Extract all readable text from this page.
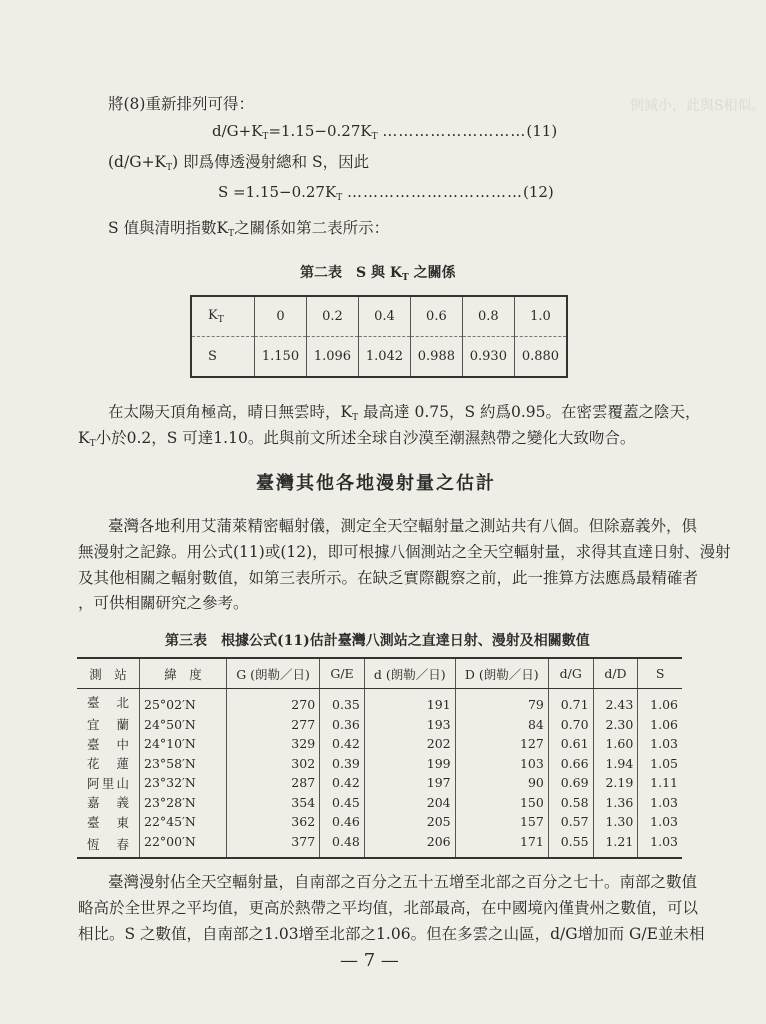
例減小，此與S相似。
將(8)重新排列可得：
$d/G+K_T=1.15-0.27K_T$ ………………………(11)
$(d/G+K_T)$ 即爲傳透漫射總和 S，因此
$S =1.15-0.27K_T$ ……………………………(12)
S 值與清明指數$K_T$之關係如第二表所示：
第二表　S 與 $K_T$ 之關係
$K_T$	0	0.2	0.4	0.6	0.8	1.0
S	1.150	1.096	1.042	0.988	0.930	0.880
在太陽天頂角極高，晴日無雲時，$K_T$ 最高達 0.75，S 約爲0.95。在密雲覆蓋之陰天，
$K_T$小於0.2，S 可達1.10。此與前文所述全球自沙漠至潮濕熱帶之變化大致吻合。
臺灣其他各地漫射量之估計
臺灣各地利用艾蒲萊精密輻射儀，測定全天空輻射量之測站共有八個。但除嘉義外，俱
無漫射之記錄。用公式(11)或(12)，即可根據八個測站之全天空輻射量，求得其直達日射、漫射
及其他相關之輻射數值，如第三表所示。在缺乏實際觀察之前，此一推算方法應爲最精確者
，可供相關研究之參考。
第三表　根據公式(11)估計臺灣八測站之直達日射、漫射及相關數值
測　站	緯　度	G (朗勒／日)	G/E	d (朗勒／日)	D (朗勒／日)	d/G	d/D	S
臺北	25°02′N	270	0.35	191	79	0.71	2.43	1.06
宜蘭	24°50′N	277	0.36	193	84	0.70	2.30	1.06
臺中	24°10′N	329	0.42	202	127	0.61	1.60	1.03
花蓮	23°58′N	302	0.39	199	103	0.66	1.94	1.05
阿里山	23°32′N	287	0.42	197	90	0.69	2.19	1.11
嘉義	23°28′N	354	0.45	204	150	0.58	1.36	1.03
臺東	22°45′N	362	0.46	205	157	0.57	1.30	1.03
恆春	22°00′N	377	0.48	206	171	0.55	1.21	1.03
臺灣漫射佔全天空輻射量，自南部之百分之五十五增至北部之百分之七十。南部之數值
略高於全世界之平均值，更高於熱帶之平均值，北部最高，在中國境內僅貴州之數值，可以
相比。S 之數值，自南部之1.03增至北部之1.06。但在多雲之山區，d/G增加而 G/E並未相
— 7 —
